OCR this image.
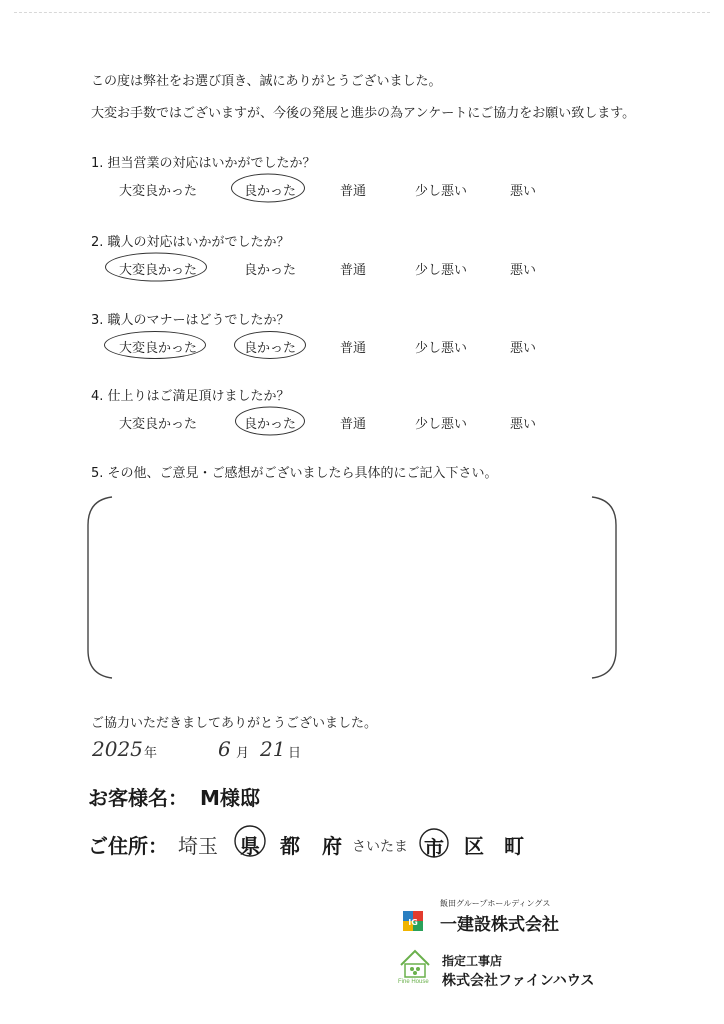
この度は弊社をお選び頂き、誠にありがとうございました。
大変お手数ではございますが、今後の発展と進歩の為アンケートにご協力をお願い致します。
1. 担当営業の対応はいかがでしたか？
大変良かった	良かった	普通	少し悪い	悪い
2. 職人の対応はいかがでしたか？
大変良かった	良かった	普通	少し悪い	悪い
3. 職人のマナーはどうでしたか？
大変良かった	良かった	普通	少し悪い	悪い
4. 仕上りはご満足頂けましたか？
大変良かった	良かった	普通	少し悪い	悪い
5. その他、ご意見・ご感想がございましたら具体的にご記入下さい。
ご協力いただきましてありがとうございました。
2025 年	6 月 21 日
お客様名： M様邸
ご住所： 埼玉 県 都 府 さいたま 市 区 町
IG
飯田グループホールディングス
一建設株式会社
Fine House
指定工事店
株式会社ファインハウス
